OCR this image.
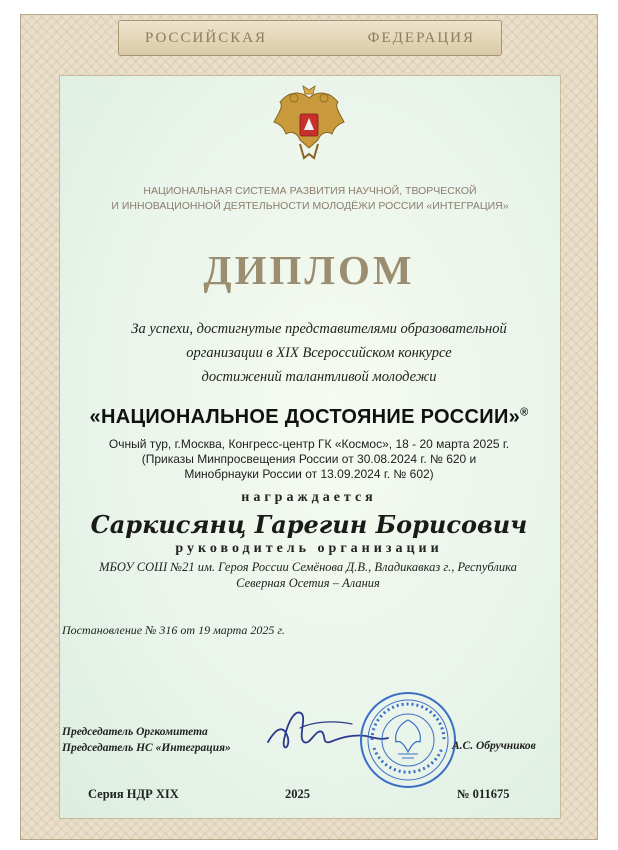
РОССИЙСКАЯ	ФЕДЕРАЦИЯ
НАЦИОНАЛЬНАЯ СИСТЕМА РАЗВИТИЯ НАУЧНОЙ, ТВОРЧЕСКОЙ
И ИННОВАЦИОННОЙ ДЕЯТЕЛЬНОСТИ МОЛОДЁЖИ РОССИИ «ИНТЕГРАЦИЯ»
ДИПЛОМ
За успехи, достигнутые представителями образовательной
организации в XIX Всероссийском конкурсе
достижений талантливой молодежи
«НАЦИОНАЛЬНОЕ ДОСТОЯНИЕ РОССИИ»®
Очный тур, г.Москва, Конгресс-центр ГК «Космос», 18 - 20 марта 2025 г.
(Приказы Минпросвещения России от 30.08.2024 г. № 620 и
Минобрнауки России от 13.09.2024 г. № 602)
награждается
Саркисянц Гарегин Борисович
руководитель организации
МБОУ СОШ №21 им. Героя России Семёнова Д.В., Владикавказ г., Республика
Северная Осетия – Алания
Постановление № 316 от 19 марта 2025 г.
Председатель Оргкомитета
Председатель НС «Интеграция»	А.С. Обручников
Серия НДР XIX	2025	№ 011675
